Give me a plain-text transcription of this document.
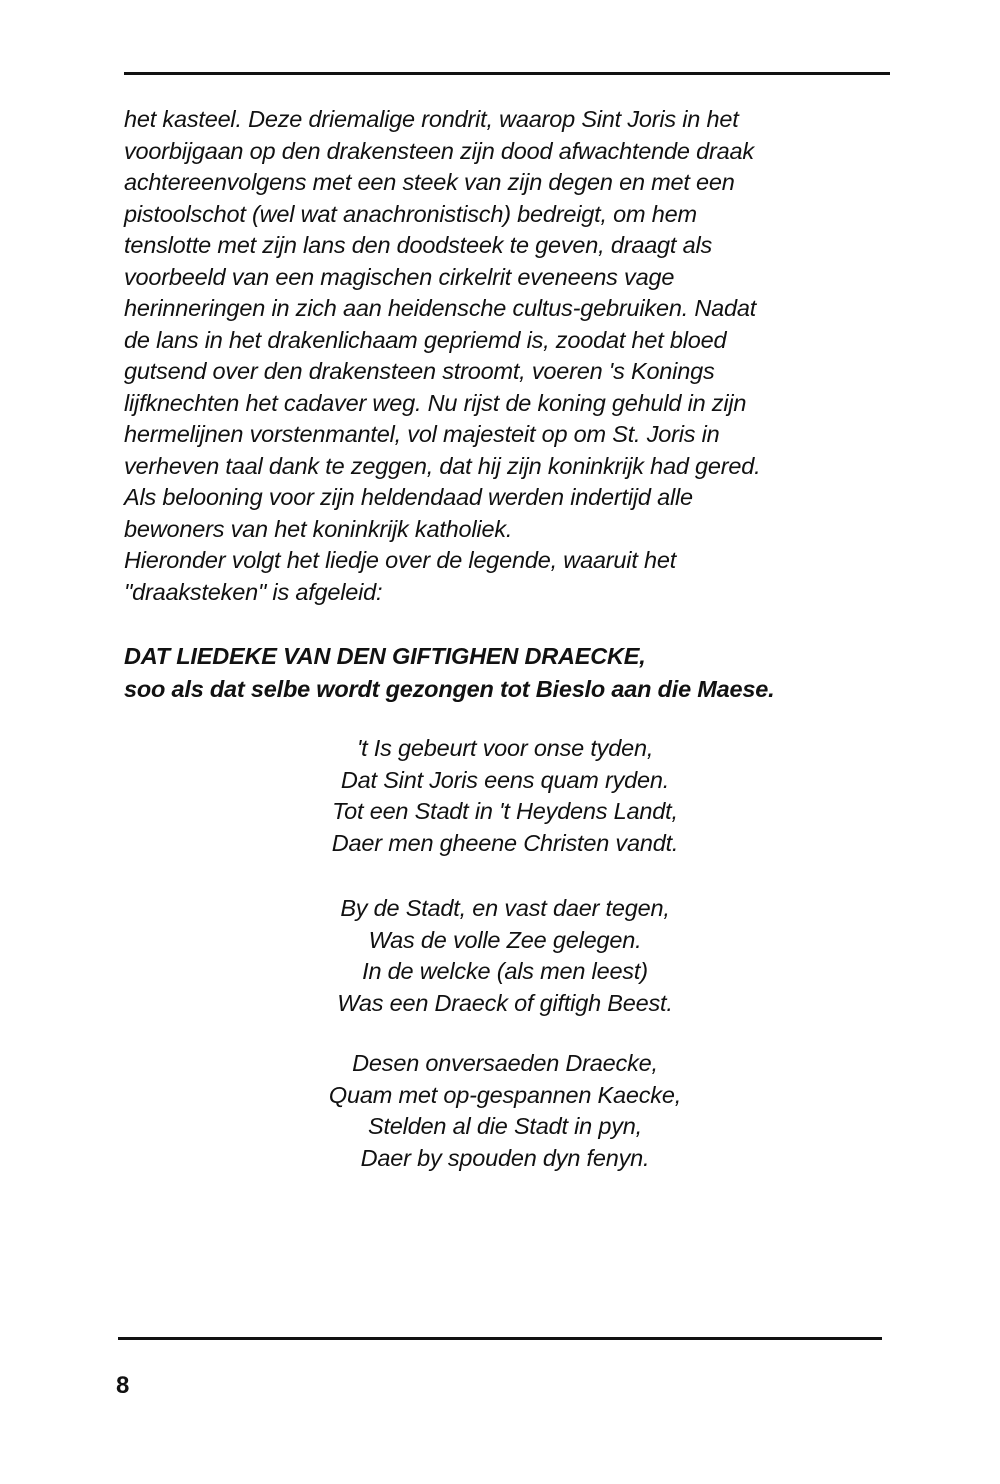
het kasteel. Deze driemalige rondrit, waarop Sint Joris in het
voorbijgaan op den drakensteen zijn dood afwachtende draak
achtereenvolgens met een steek van zijn degen en met een
pistoolschot (wel wat anachronistisch) bedreigt, om hem
tenslotte met zijn lans den doodsteek te geven, draagt als
voorbeeld van een magischen cirkelrit eveneens vage
herinneringen in zich aan heidensche cultus-gebruiken. Nadat
de lans in het drakenlichaam gepriemd is, zoodat het bloed
gutsend over den drakensteen stroomt, voeren 's Konings
lijfknechten het cadaver weg. Nu rijst de koning gehuld in zijn
hermelijnen vorstenmantel, vol majesteit op om St. Joris in
verheven taal dank te zeggen, dat hij zijn koninkrijk had gered.
Als belooning voor zijn heldendaad werden indertijd alle
bewoners van het koninkrijk katholiek.
Hieronder volgt het liedje over de legende, waaruit het
"draaksteken" is afgeleid:
DAT LIEDEKE VAN DEN GIFTIGHEN DRAECKE,
soo als dat selbe wordt gezongen tot Bieslo aan die Maese.
't Is gebeurt voor onse tyden,
Dat Sint Joris eens quam ryden.
Tot een Stadt in 't Heydens Landt,
Daer men gheene Christen vandt.
By de Stadt, en vast daer tegen,
Was de volle Zee gelegen.
In de welcke (als men leest)
Was een Draeck of giftigh Beest.
Desen onversaeden Draecke,
Quam met op-gespannen Kaecke,
Stelden al die Stadt in pyn,
Daer by spouden dyn fenyn.
8
